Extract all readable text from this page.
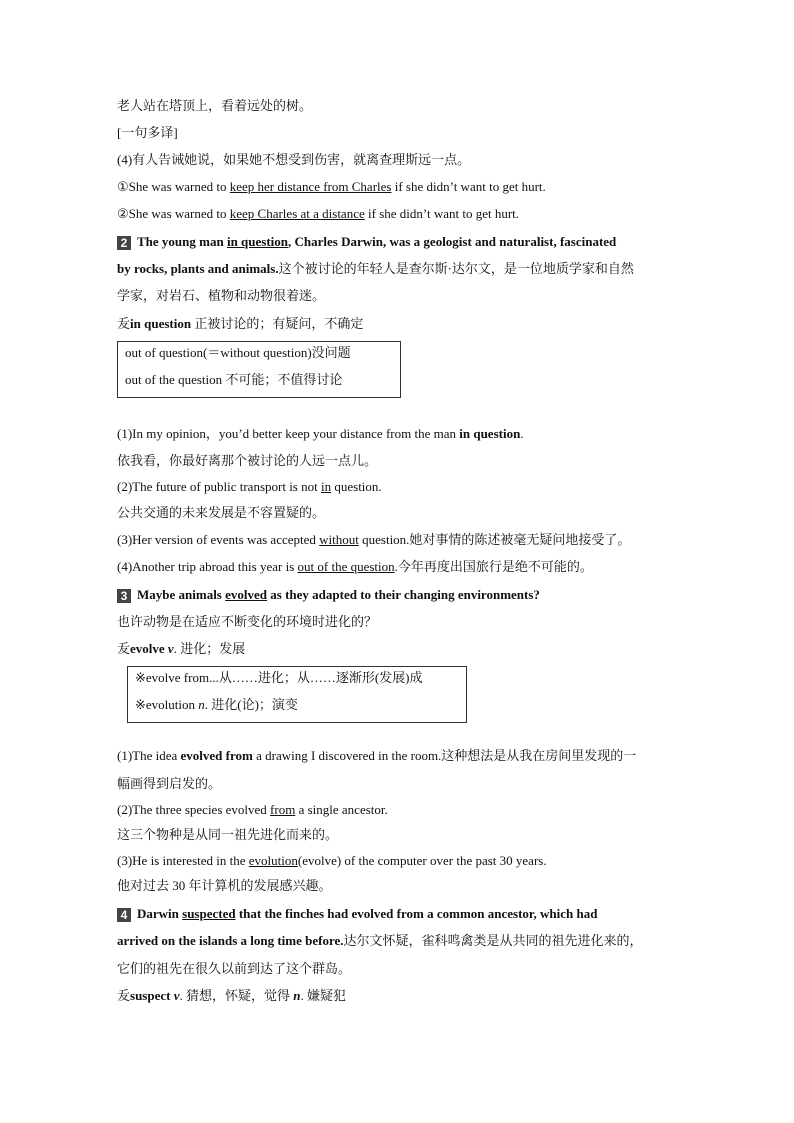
老人站在塔顶上，看着远处的树。
[一句多译]
(4)有人告诫她说，如果她不想受到伤害，就离查理斯远一点。
①She was warned to keep her distance from Charles if she didn’t want to get hurt.
②She was warned to keep Charles at a distance if she didn’t want to get hurt.
2 The young man in question, Charles Darwin, was a geologist and naturalist, fascinated
by rocks, plants and animals.这个被讨论的年轻人是查尔斯·达尔文，是一位地质学家和自然
学家，对岩石、植物和动物很着迷。
叐in question 正被讨论的；有疑问，不确定
out of question(＝without question)没问题
out of the question 不可能；不值得讨论
(1)In my opinion，you’d better keep your distance from the man in question.
依我看，你最好离那个被讨论的人远一点儿。
(2)The future of public transport is not in question.
公共交通的未来发展是不容置疑的。
(3)Her version of events was accepted without question.她对事情的陈述被毫无疑问地接受了。
(4)Another trip abroad this year is out of the question.今年再度出国旅行是绝不可能的。
3 Maybe animals evolved as they adapted to their changing environments?
也许动物是在适应不断变化的环境时进化的？
叐evolve v. 进化；发展
※evolve from...从……进化；从……逐渐形(发展)成
※evolution n. 进化(论)；演变
(1)The idea evolved from a drawing I discovered in the room.这种想法是从我在房间里发现的一
幅画得到启发的。
(2)The three species evolved from a single ancestor.
这三个物种是从同一祖先进化而来的。
(3)He is interested in the evolution(evolve) of the computer over the past 30 years.
他对过去 30 年计算机的发展感兴趣。
4 Darwin suspected that the finches had evolved from a common ancestor, which had
arrived on the islands a long time before.达尔文怀疑，雀科鸣禽类是从共同的祖先进化来的，
它们的祖先在很久以前到达了这个群岛。
叐suspect v. 猜想，怀疑，觉得 n. 嫌疑犯
